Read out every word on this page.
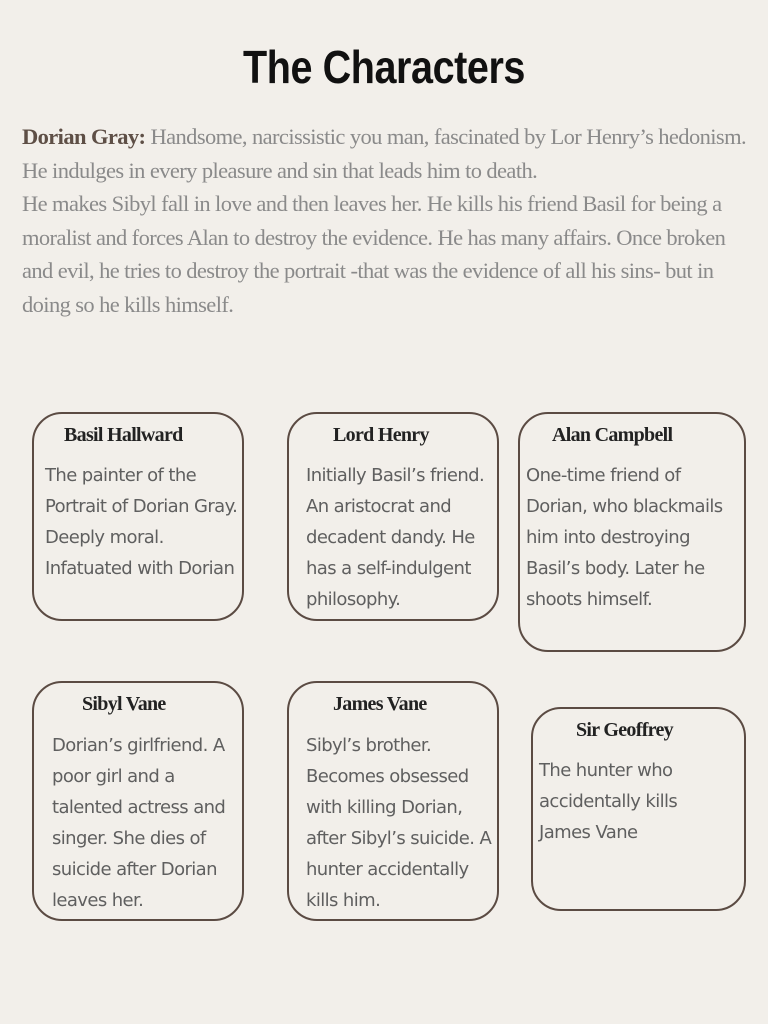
The Characters

Dorian Gray: Handsome, narcissistic you man, fascinated by Lor Henry’s hedonism. He indulges in every pleasure and sin that leads him to death.

He makes Sibyl fall in love and then leaves her. He kills his friend Basil for being a moralist and forces Alan to destroy the evidence. He has many affairs. Once broken and evil, he tries to destroy the portrait -that was the evidence of all his sins- but in doing so he kills himself.

Basil Hallward

The painter of the Portrait of Dorian Gray. Deeply moral. Infatuated with Dorian

Lord Henry

Initially Basil’s friend. An aristocrat and decadent dandy. He has a self-indulgent philosophy.

Alan Campbell

One-time friend of Dorian, who blackmails him into destroying Basil’s body. Later he shoots himself.

Sibyl Vane

Dorian’s girlfriend. A poor girl and a talented actress and singer. She dies of suicide after Dorian leaves her.

James Vane

Sibyl’s brother. Becomes obsessed with killing Dorian, after Sibyl’s suicide. A hunter accidentally kills him.

Sir Geoffrey

The hunter who accidentally kills James Vane
